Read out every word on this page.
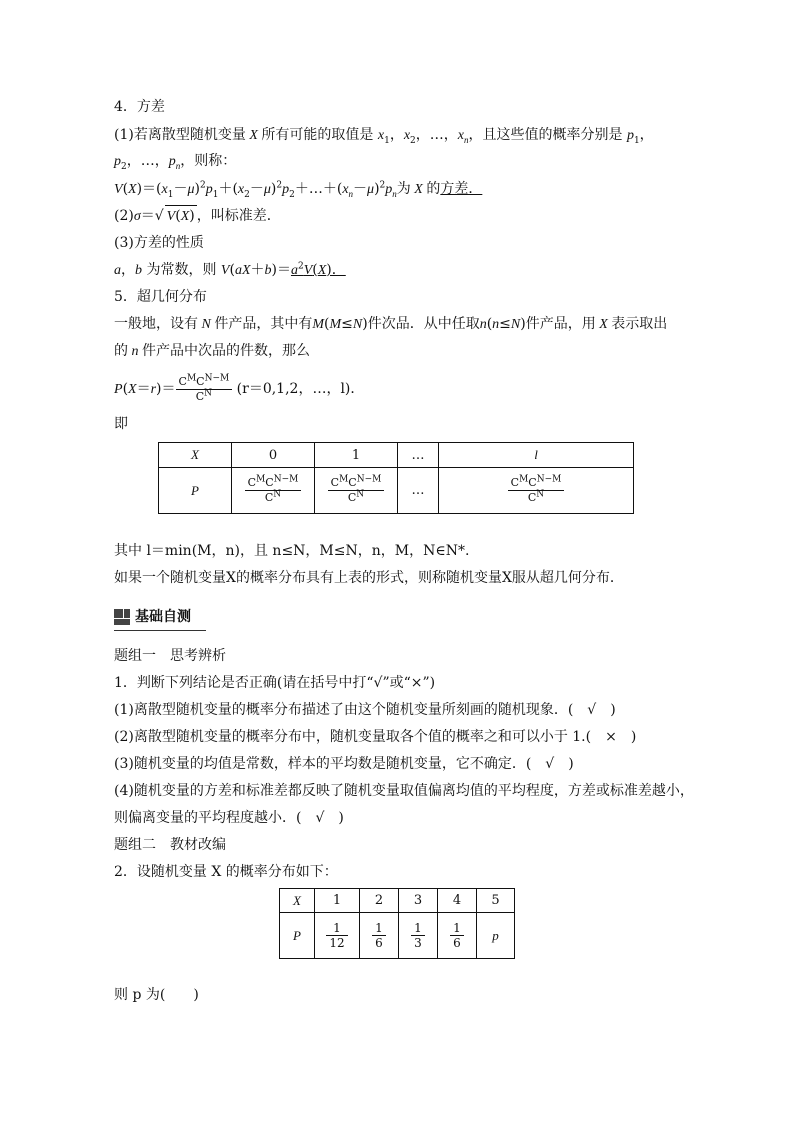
4．方差
(1)若离散型随机变量 X 所有可能的取值是 $x_1$，$x_2$，…，$x_n$，且这些值的概率分别是 $p_1$，
$p_2$，…，$p_n$，则称：
$V(X)=(x_1-\mu)^2p_1+(x_2-\mu)^2p_2+\dots+(x_n-\mu)^2p_n$为 X 的方差．
(2)σ＝√ V(X) ，叫标准差．
(3)方差的性质
a，b 为常数，则 $V(aX+b)=a^2V(X)$．
5．超几何分布
一般地，设有 N 件产品，其中有M(M≤N)件次品．从中任取n(n≤N)件产品，用 X 表示取出
的 n 件产品中次品的件数，那么
$P(X=r)= \frac{C^MC^{N-M}}{C^N} (r=0,1,2$，…，l)．
即
X	0	1	…	l
P	$\frac{C^MC^{N-M}}{C^N}$	$\frac{C^MC^{N-M}}{C^N}$	…	$\frac{C^MC^{N-M}}{C^N}$
其中 l＝min(M，n)，且 n≤N，M≤N，n，M，N∈N*.
如果一个随机变量X的概率分布具有上表的形式，则称随机变量X服从超几何分布．
基础自测
题组一　思考辨析
1．判断下列结论是否正确(请在括号中打“√”或“×”)
(1)离散型随机变量的概率分布描述了由这个随机变量所刻画的随机现象．(　√　)
(2)离散型随机变量的概率分布中，随机变量取各个值的概率之和可以小于 1.(　×　)
(3)随机变量的均值是常数，样本的平均数是随机变量，它不确定．(　√　)
(4)随机变量的方差和标准差都反映了随机变量取值偏离均值的平均程度，方差或标准差越小，
则偏离变量的平均程度越小．(　√　)
题组二　教材改编
2．设随机变量 X 的概率分布如下：
X	1	2	3	4	5
P	$\frac{1}{12}$	$\frac{1}{6}$	$\frac{1}{3}$	$\frac{1}{6}$	p
则 p 为(　　)
